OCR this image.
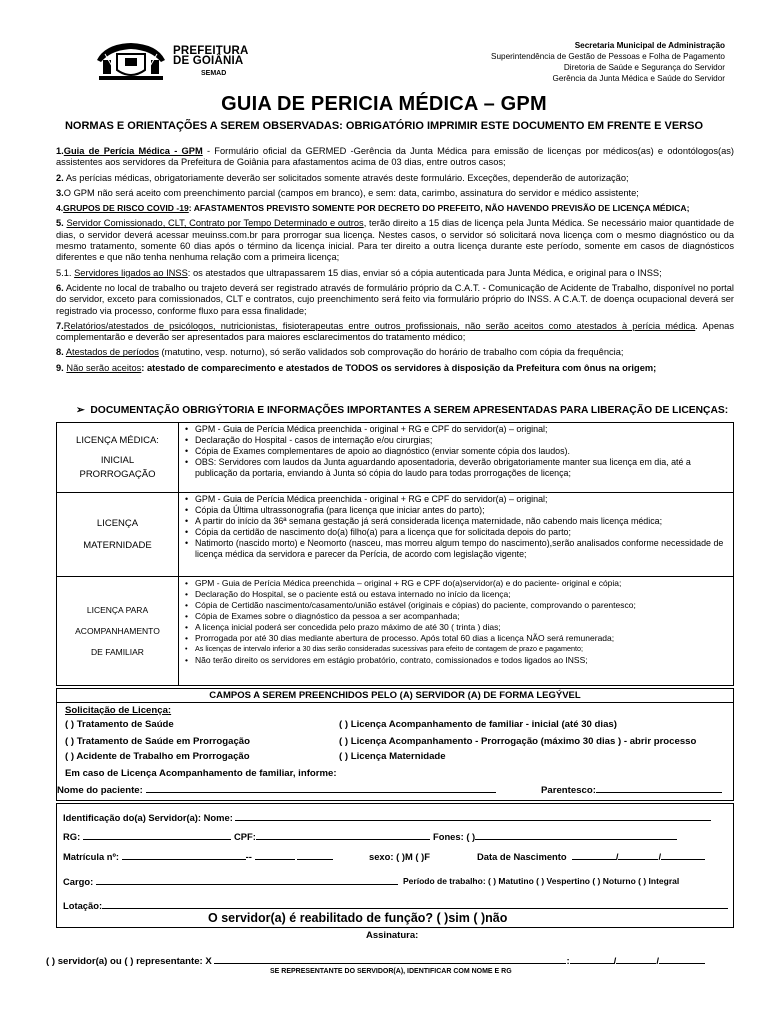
PREFEITURA
DE GOIÂNIA
SEMAD
Secretaria Municipal de Administração
Superintendência de Gestão de Pessoas e Folha de Pagamento
Diretoria de Saúde e Segurança do Servidor
Gerência da Junta Médica e Saúde do Servidor
GUIA DE PERICIA MÉDICA – GPM
NORMAS E ORIENTAÇÕES A SEREM OBSERVADAS: OBRIGATÓRIO IMPRIMIR ESTE DOCUMENTO EM FRENTE E VERSO
1.Guia de Perícia Médica - GPM - Formulário oficial da GERMED -Gerência da Junta Médica para emissão de licenças por médicos(as) e odontólogos(as) assistentes aos servidores da Prefeitura de Goiânia para afastamentos acima de 03 dias, entre outros casos;
2. As perícias médicas, obrigatoriamente deverão ser solicitados somente através deste formulário. Exceções, dependerão de autorização;
3.O GPM não será aceito com preenchimento parcial (campos em branco), e sem: data, carimbo, assinatura do servidor e médico assistente;
4.GRUPOS DE RISCO COVID -19: AFASTAMENTOS PREVISTO SOMENTE POR DECRETO DO PREFEITO, NÃO HAVENDO PREVISÃO DE LICENÇA MÉDICA;
5. Servidor Comissionado, CLT, Contrato por Tempo Determinado e outros, terão direito a 15 dias de licença pela Junta Médica. Se necessário maior quantidade de dias, o servidor deverá acessar meuinss.com.br para prorrogar sua licença. Nestes casos, o servidor só solicitará nova licença com o mesmo diagnóstico ou da mesmo tratamento, somente 60 dias após o término da licença inicial. Para ter direito a outra licença durante este período, somente em casos de diagnósticos diferentes e que não tenha nenhuma relação com a primeira licença;
5.1. Servidores ligados ao INSS: os atestados que ultrapassarem 15 dias, enviar só a cópia autenticada para Junta Médica, e original para o INSS;
6. Acidente no local de trabalho ou trajeto deverá ser registrado através de formulário próprio da C.A.T. - Comunicação de Acidente de Trabalho, disponível no portal do servidor, exceto para comissionados, CLT e contratos, cujo preenchimento será feito via formulário próprio do INSS. A C.A.T. de doença ocupacional deverá ser registrado via processo, conforme fluxo para essa finalidade;
7.Relatórios/atestados de psicólogos, nutricionistas, fisioterapeutas entre outros profissionais, não serão aceitos como atestados à perícia médica. Apenas complementarão e deverão ser apresentados para maiores esclarecimentos do tratamento médico;
8. Atestados de períodos (matutino, vesp. noturno), só serão validados sob comprovação do horário de trabalho com cópia da frequência;
9. Não serão aceitos: atestado de comparecimento e atestados de TODOS os servidores à disposição da Prefeitura com ônus na origem;
➢ DOCUMENTAÇÃO OBRIGÝTORIA E INFORMAÇÕES IMPORTANTES A SEREM APRESENTADAS PARA LIBERAÇÃO DE LICENÇAS:
LICENÇA MÉDICA:
INICIAL
PRORROGAÇÃO
• GPM - Guia de Perícia Médica preenchida - original + RG e CPF do servidor(a) – original;
• Declaração do Hospital - casos de internação e/ou cirurgias;
• Cópia de Exames complementares de apoio ao diagnóstico (enviar somente cópia dos laudos).
• OBS: Servidores com laudos da Junta aguardando aposentadoria, deverão obrigatoriamente manter sua licença em dia, até a publicação da portaria, enviando à Junta só cópia do laudo para todas prorrogações de licença;
LICENÇA
MATERNIDADE
• GPM - Guia de Perícia Médica preenchida - original + RG e CPF do servidor(a) – original;
• Cópia da Última ultrassonografia (para licença que iniciar antes do parto);
• A partir do início da 36ª semana gestação já será considerada licença maternidade, não cabendo mais licença médica;
• Cópia da certidão de nascimento do(a) filho(a) para a licença que for solicitada depois do parto;
• Natimorto (nascido morto) e Neomorto (nasceu, mas morreu algum tempo do nascimento),serão analisados conforme necessidade de licença médica da servidora e parecer da Perícia, de acordo com legislação vigente;
LICENÇA PARA
ACOMPANHAMENTO
DE FAMILIAR
• GPM - Guia de Perícia Médica preenchida – original + RG e CPF do(a)servidor(a) e do paciente- original e cópia;
• Declaração do Hospital, se o paciente está ou estava internado no início da licença;
• Cópia de Certidão nascimento/casamento/união estável (originais e cópias) do paciente, comprovando o parentesco;
• Cópia de Exames sobre o diagnóstico da pessoa a ser acompanhada;
• A licença inicial poderá ser concedida pelo prazo máximo de até 30 ( trinta ) dias;
• Prorrogada por até 30 dias mediante abertura de processo. Após total 60 dias a licença NÃO será remunerada;
• As licenças de intervalo inferior a 30 dias serão consideradas sucessivas para efeito de contagem de prazo e pagamento;
• Não terão direito os servidores em estágio probatório, contrato, comissionados e todos ligados ao INSS;
CAMPOS A SEREM PREENCHIDOS PELO (A) SERVIDOR (A) DE FORMA LEGÝVEL
Solicitação de Licença:
( ) Tratamento de Saúde
( ) Tratamento de Saúde em Prorrogação
( ) Acidente de Trabalho em Prorrogação
( ) Licença Acompanhamento de familiar - inicial (até 30 dias)
( ) Licença Acompanhamento - Prorrogação (máximo 30 dias ) - abrir processo
( ) Licença Maternidade
Em caso de Licença Acompanhamento de familiar, informe:
Nome do paciente:	Parentesco:
Identificação do(a) Servidor(a): Nome:
RG:	CPF:	Fones: ( )
Matrícula nº:	--	sexo: ( )M ( )F	Data de Nascimento	/	/
Cargo:	Período de trabalho: ( ) Matutino ( ) Vespertino ( ) Noturno ( ) Integral
Lotação:
O servidor(a) é reabilitado de função? ( )sim ( )não
Assinatura:
( ) servidor(a) ou ( ) representante: X	:	/	/
SE REPRESENTANTE DO SERVIDOR(A), IDENTIFICAR COM NOME E RG
